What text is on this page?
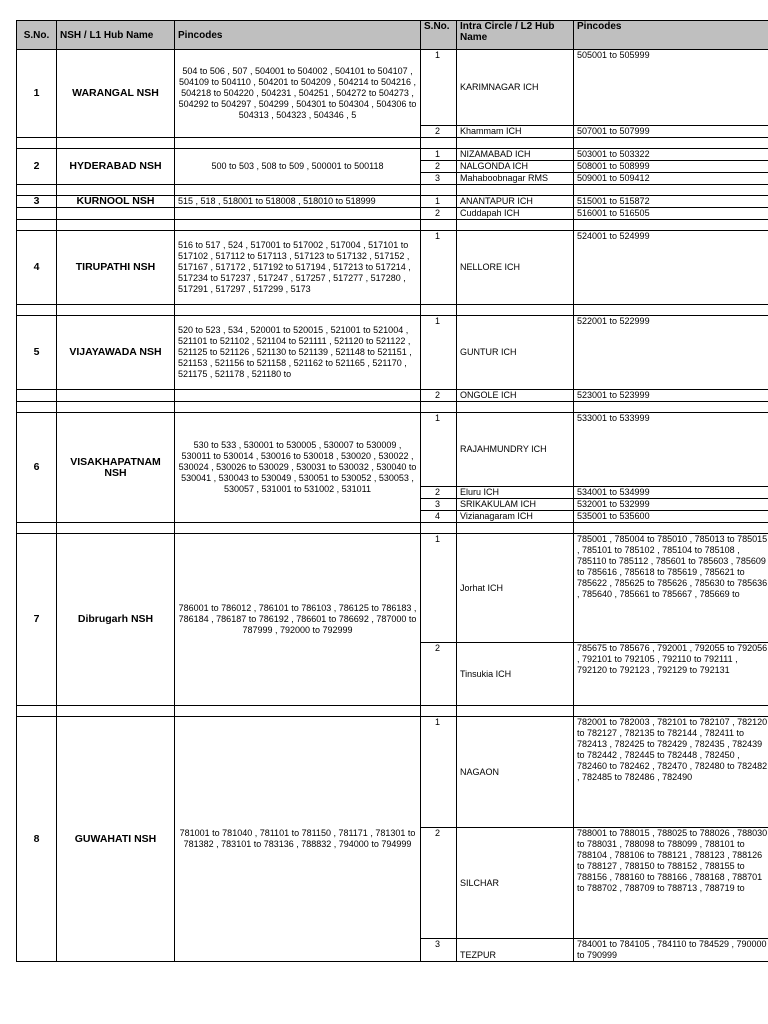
S.No.	NSH / L1 Hub Name	Pincodes	S.No.	Intra Circle / L2 Hub Name	Pincodes
1	WARANGAL NSH	504 to 506 , 507 , 504001 to 504002 , 504101 to 504107 , 504109 to 504110 , 504201 to 504209 , 504214 to 504216 , 504218 to 504220 , 504231 , 504251 , 504272 to 504273 , 504292 to 504297 , 504299 , 504301 to 504304 , 504306 to 504313 , 504323 , 504346 , 5	1	KARIMNAGAR ICH	505001 to 505999
			2	Khammam ICH	507001 to 507999

2	HYDERABAD NSH	500 to 503 , 508 to 509 , 500001 to 500118	1	NIZAMABAD ICH	503001 to 503322
			2	NALGONDA ICH	508001 to 508999
			3	Mahaboobnagar RMS	509001 to 509412

3	KURNOOL NSH	515 , 518 , 518001 to 518008 , 518010 to 518999	1	ANANTAPUR ICH	515001 to 515872
			2	Cuddapah ICH	516001 to 516505

4	TIRUPATHI NSH	516 to 517 , 524 , 517001 to 517002 , 517004 , 517101 to 517102 , 517112 to 517113 , 517123 to 517132 , 517152 , 517167 , 517172 , 517192 to 517194 , 517213 to 517214 , 517234 to 517237 , 517247 , 517257 , 517277 , 517280 , 517291 , 517297 , 517299 , 5173	1	NELLORE ICH	524001 to 524999

5	VIJAYAWADA NSH	520 to 523 , 534 , 520001 to 520015 , 521001 to 521004 , 521101 to 521102 , 521104 to 521111 , 521120 to 521122 , 521125 to 521126 , 521130 to 521139 , 521148 to 521151 , 521153 , 521156 to 521158 , 521162 to 521165 , 521170 , 521175 , 521178 , 521180 to	1	GUNTUR ICH	522001 to 522999
			2	ONGOLE ICH	523001 to 523999

6	VISAKHAPATNAM NSH	530 to 533 , 530001 to 530005 , 530007 to 530009 , 530011 to 530014 , 530016 to 530018 , 530020 , 530022 , 530024 , 530026 to 530029 , 530031 to 530032 , 530040 to 530041 , 530043 to 530049 , 530051 to 530052 , 530053 , 530057 , 531001 to 531002 , 531011	1	RAJAHMUNDRY ICH	533001 to 533999
			2	Eluru ICH	534001 to 534999
			3	SRIKAKULAM ICH	532001 to 532999
			4	Vizianagaram ICH	535001 to 535600

7	Dibrugarh NSH	786001 to 786012 , 786101 to 786103 , 786125 to 786183 , 786184 , 786187 to 786192 , 786601 to 786692 , 787000 to 787999 , 792000 to 792999	1	Jorhat ICH	785001 , 785004 to 785010 , 785013 to 785015 , 785101 to 785102 , 785104 to 785108 , 785110 to 785112 , 785601 to 785603 , 785609 to 785616 , 785618 to 785619 , 785621 to 785622 , 785625 to 785626 , 785630 to 785636 , 785640 , 785661 to 785667 , 785669 to
			2	Tinsukia ICH	785675 to 785676 , 792001 , 792055 to 792056 , 792101 to 792105 , 792110 to 792111 , 792120 to 792123 , 792129 to 792131

8	GUWAHATI NSH	781001 to 781040 , 781101 to 781150 , 781171 , 781301 to 781382 , 783101 to 783136 , 788832 , 794000 to 794999	1	NAGAON	782001 to 782003 , 782101 to 782107 , 782120 to 782127 , 782135 to 782144 , 782411 to 782413 , 782425 to 782429 , 782435 , 782439 to 782442 , 782445 to 782448 , 782450 , 782460 to 782462 , 782470 , 782480 to 782482 , 782485 to 782486 , 782490
			2	SILCHAR	788001 to 788015 , 788025 to 788026 , 788030 to 788031 , 788098 to 788099 , 788101 to 788104 , 788106 to 788121 , 788123 , 788126 to 788127 , 788150 to 788152 , 788155 to 788156 , 788160 to 788166 , 788168 , 788701 to 788702 , 788709 to 788713 , 788719 to
			3	TEZPUR	784001 to 784105 , 784110 to 784529 , 790000 to 790999
